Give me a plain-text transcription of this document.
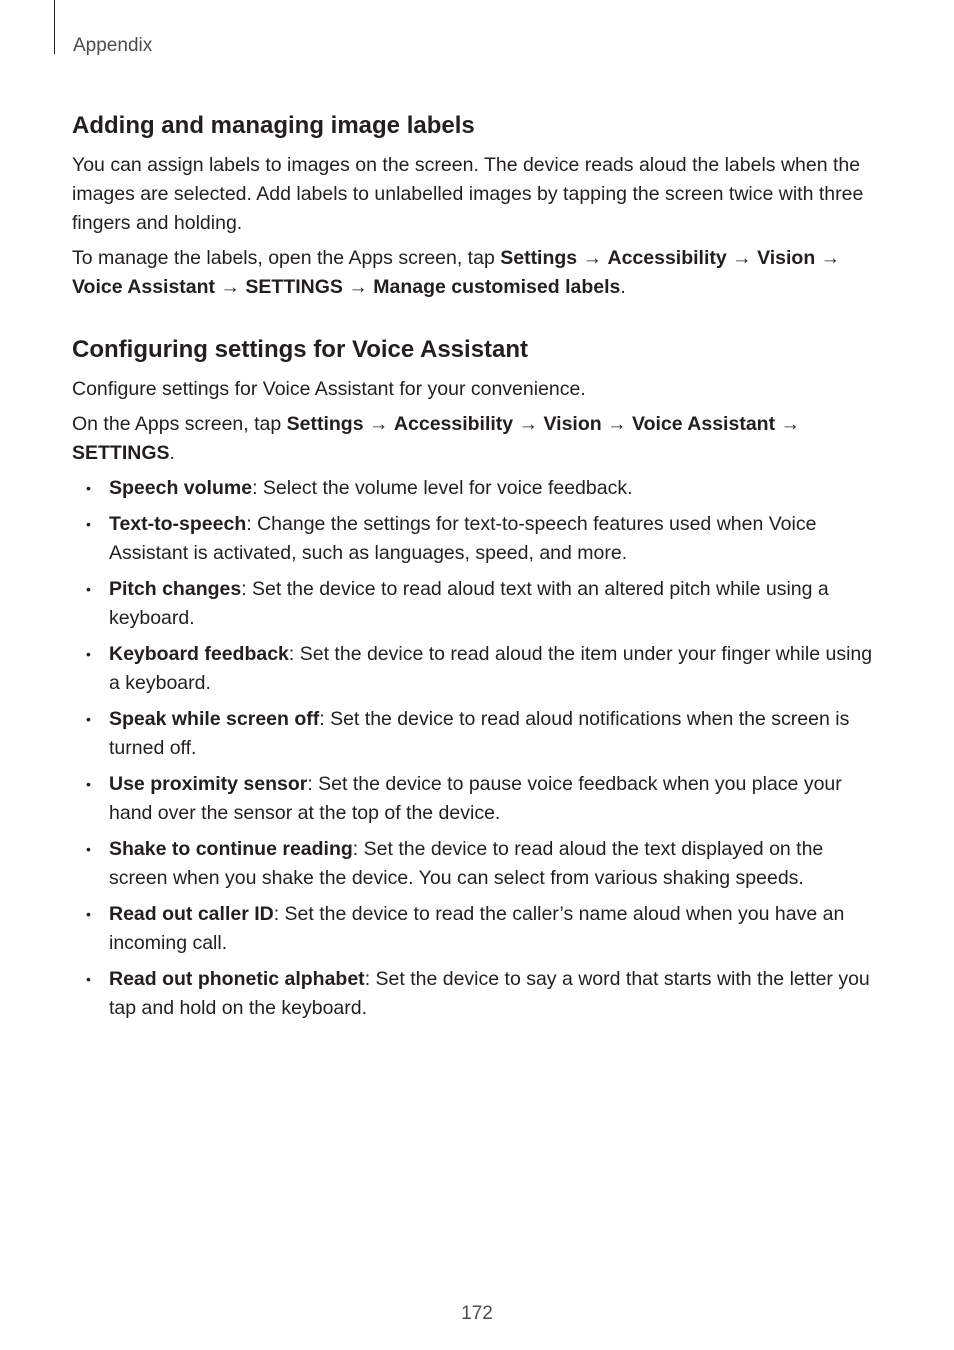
Appendix
Adding and managing image labels

You can assign labels to images on the screen. The device reads aloud the labels when the images are selected. Add labels to unlabelled images by tapping the screen twice with three fingers and holding.

To manage the labels, open the Apps screen, tap Settings → Accessibility → Vision → Voice Assistant → SETTINGS → Manage customised labels.

Configuring settings for Voice Assistant

Configure settings for Voice Assistant for your convenience.

On the Apps screen, tap Settings → Accessibility → Vision → Voice Assistant → SETTINGS.

• Speech volume: Select the volume level for voice feedback.
• Text-to-speech: Change the settings for text-to-speech features used when Voice Assistant is activated, such as languages, speed, and more.
• Pitch changes: Set the device to read aloud text with an altered pitch while using a keyboard.
• Keyboard feedback: Set the device to read aloud the item under your finger while using a keyboard.
• Speak while screen off: Set the device to read aloud notifications when the screen is turned off.
• Use proximity sensor: Set the device to pause voice feedback when you place your hand over the sensor at the top of the device.
• Shake to continue reading: Set the device to read aloud the text displayed on the screen when you shake the device. You can select from various shaking speeds.
• Read out caller ID: Set the device to read the caller’s name aloud when you have an incoming call.
• Read out phonetic alphabet: Set the device to say a word that starts with the letter you tap and hold on the keyboard.
172
